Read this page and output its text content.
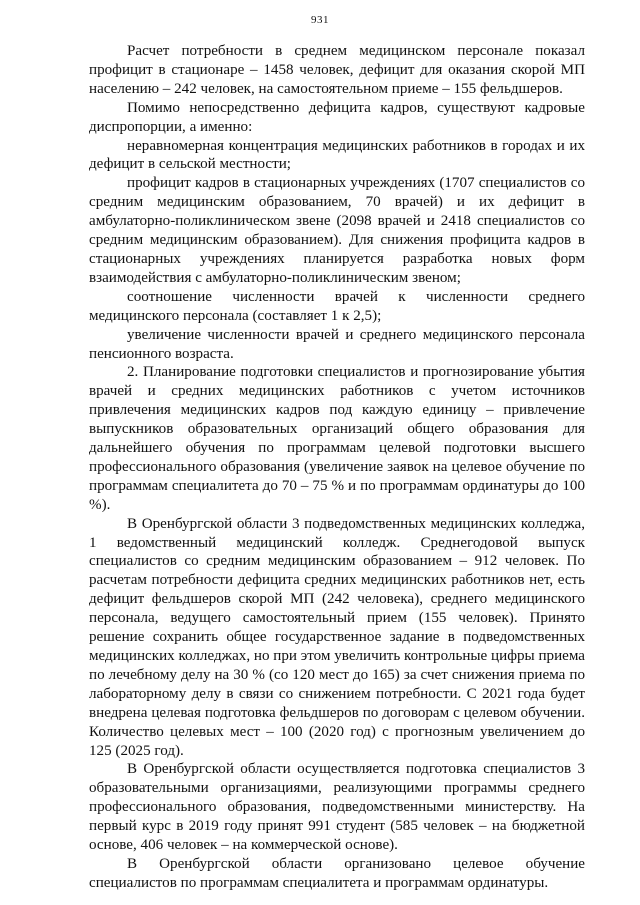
931

Расчет потребности в среднем медицинском персонале показал профицит в стационаре – 1458 человек, дефицит для оказания скорой МП населению – 242 человек, на самостоятельном приеме – 155 фельдшеров.

Помимо непосредственно дефицита кадров, существуют кадровые диспропорции, а именно:

неравномерная концентрация медицинских работников в городах и их дефицит в сельской местности;

профицит кадров в стационарных учреждениях (1707 специалистов со средним медицинским образованием, 70 врачей) и их дефицит в амбулаторно-поликлиническом звене (2098 врачей и 2418 специалистов со средним медицинским образованием). Для снижения профицита кадров в стационарных учреждениях планируется разработка новых форм взаимодействия с амбулаторно-поликлиническим звеном;

соотношение численности врачей к численности среднего медицинского персонала (составляет 1 к 2,5);

увеличение численности врачей и среднего медицинского персонала пенсионного возраста.

2. Планирование подготовки специалистов и прогнозирование убытия врачей и средних медицинских работников с учетом источников привлечения медицинских кадров под каждую единицу – привлечение выпускников образовательных организаций общего образования для дальнейшего обучения по программам целевой подготовки высшего профессионального образования (увеличение заявок на целевое обучение по программам специалитета до 70 – 75 % и по программам ординатуры до 100 %).

В Оренбургской области 3 подведомственных медицинских колледжа, 1 ведомственный медицинский колледж. Среднегодовой выпуск специалистов со средним медицинским образованием – 912 человек. По расчетам потребности дефицита средних медицинских работников нет, есть дефицит фельдшеров скорой МП (242 человека), среднего медицинского персонала, ведущего самостоятельный прием (155 человек). Принято решение сохранить общее государственное задание в подведомственных медицинских колледжах, но при этом увеличить контрольные цифры приема по лечебному делу на 30 % (со 120 мест до 165) за счет снижения приема по лабораторному делу в связи со снижением потребности. С 2021 года будет внедрена целевая подготовка фельдшеров по договорам с целевом обучении. Количество целевых мест – 100 (2020 год) с прогнозным увеличением до 125 (2025 год).

В Оренбургской области осуществляется подготовка специалистов 3 образовательными организациями, реализующими программы среднего профессионального образования, подведомственными министерству. На первый курс в 2019 году принят 991 студент (585 человек – на бюджетной основе, 406 человек – на коммерческой основе).

В Оренбургской области организовано целевое обучение специалистов по программам специалитета и программам ординатуры.
